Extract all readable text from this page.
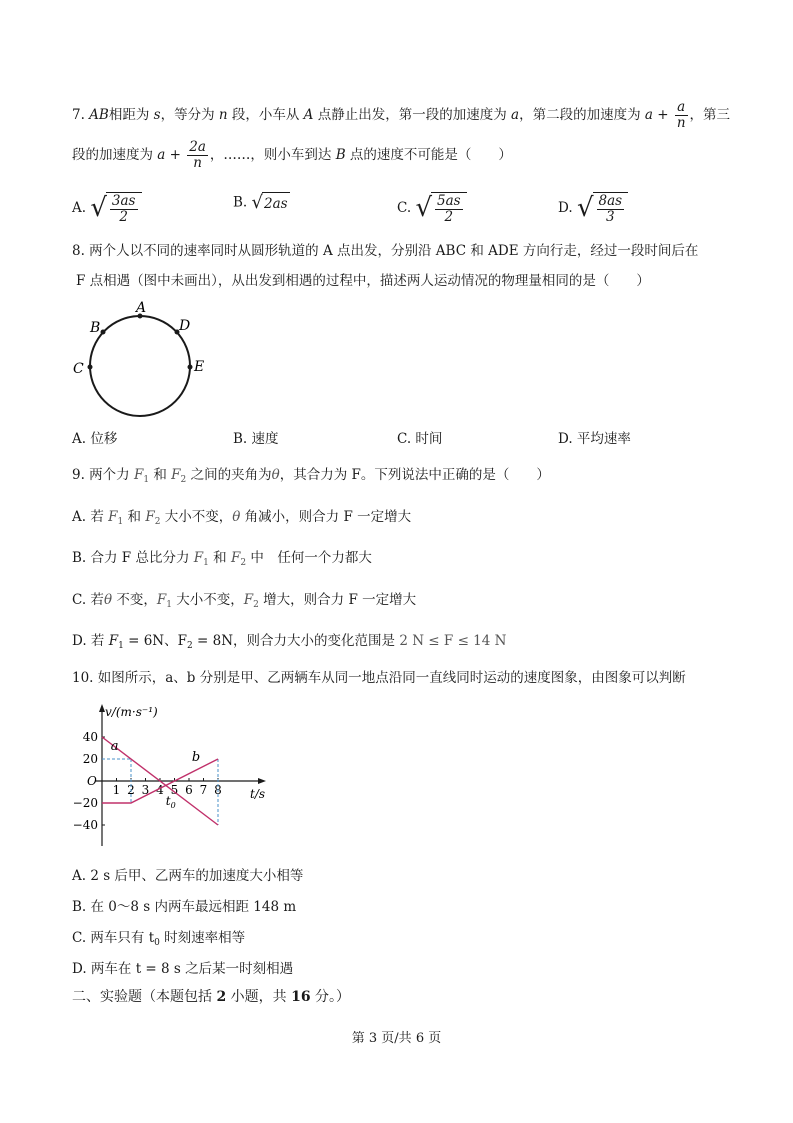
7. AB相距为 s，等分为 n 段，小车从 A 点静止出发，第一段的加速度为 a，第二段的加速度为 $a + \frac{a}{n}$ ，第三
段的加速度为 $a + \frac{2a}{n}$ ，……，则小车到达 B 点的速度不可能是（　　）
A. √ $\frac{3as}{2}$	B. √ 2as	C. √ $\frac{5as}{2}$	D. √ $\frac{8as}{3}$
8. 两个人以不同的速率同时从圆形轨道的 A 点出发，分别沿 ABC 和 ADE 方向行走，经过一段时间后在
F 点相遇（图中未画出），从出发到相遇的过程中，描述两人运动情况的物理量相同的是（　　）
A
B
C
D
E
A. 位移	B. 速度	C. 时间	D. 平均速率
9. 两个力 $F_1$ 和 $F_2$ 之间的夹角为θ，其合力为 F。下列说法中正确的是（　　）
A. 若 $F_1$ 和 $F_2$ 大小不变，θ 角减小，则合力 F 一定增大
B. 合力 F 总比分力 $F_1$ 和 $F_2$ 中　任何一个力都大
C. 若θ 不变，$F_1$ 大小不变，$F_2$ 增大，则合力 F 一定增大
D. 若 $F_1 = 6N$、$F_2 = 8N$，则合力大小的变化范围是 2 N ≤ F ≤ 14 N
10. 如图所示，a、b 分别是甲、乙两辆车从同一地点沿同一直线同时运动的速度图象，由图象可以判断
v/(m·s⁻¹)
t/s
O
40
20
−20
−40
1 2 3 4 5 6 7 8
a
b
$t_0$
A. 2 s 后甲、乙两车的加速度大小相等
B. 在 0～8 s 内两车最远相距 148 m
C. 两车只有 $t_0$ 时刻速率相等
D. 两车在 t = 8 s 之后某一时刻相遇
二、实验题（本题包括 2 小题，共 16 分。）
第 3 页/共 6 页
